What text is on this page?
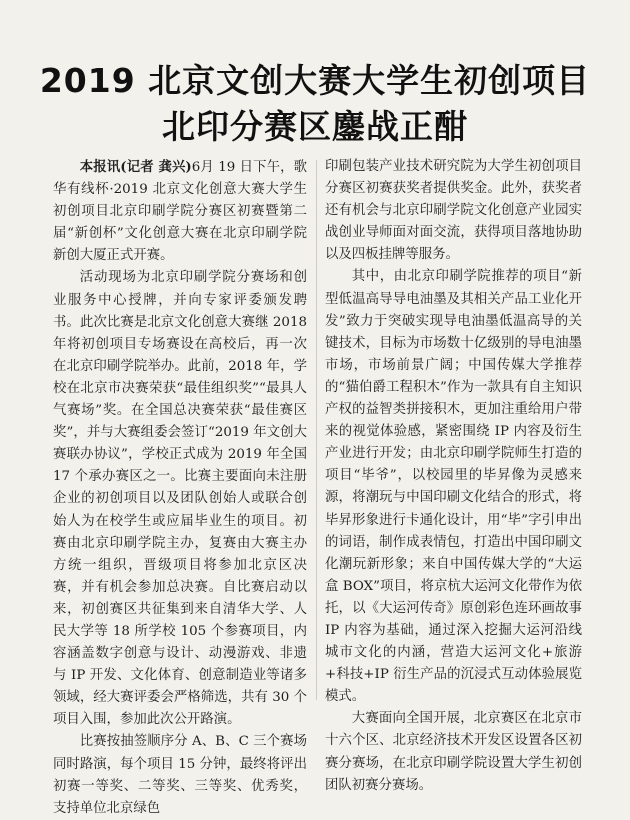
2019 北京文创大赛大学生初创项目
北印分赛区鏖战正酣

本报讯(记者 龚兴)6月 19 日下午，歌华有线杯·2019 北京文化创意大赛大学生初创项目北京印刷学院分赛区初赛暨第二届“新创杯”文化创意大赛在北京印刷学院新创大厦正式开赛。

活动现场为北京印刷学院分赛场和创业服务中心授牌，并向专家评委颁发聘书。此次比赛是北京文化创意大赛继 2018 年将初创项目专场赛设在高校后，再一次在北京印刷学院举办。此前，2018 年，学校在北京市决赛荣获“最佳组织奖”“最具人气赛场”奖。在全国总决赛荣获“最佳赛区奖”，并与大赛组委会签订“2019 年文创大赛联办协议”，学校正式成为 2019 年全国 17 个承办赛区之一。比赛主要面向未注册企业的初创项目以及团队创始人或联合创始人为在校学生或应届毕业生的项目。初赛由北京印刷学院主办，复赛由大赛主办方统一组织，晋级项目将参加北京区决赛，并有机会参加总决赛。自比赛启动以来，初创赛区共征集到来自清华大学、人民大学等 18 所学校 105 个参赛项目，内容涵盖数字创意与设计、动漫游戏、非遗与 IP 开发、文化体育、创意制造业等诸多领域，经大赛评委会严格筛选，共有 30 个项目入围，参加此次公开路演。

比赛按抽签顺序分 A、B、C 三个赛场同时路演，每个项目 15 分钟，最终将评出初赛一等奖、二等奖、三等奖、优秀奖，支持单位北京绿色

印刷包装产业技术研究院为大学生初创项目分赛区初赛获奖者提供奖金。此外，获奖者还有机会与北京印刷学院文化创意产业园实战创业导师面对面交流，获得项目落地协助以及四板挂牌等服务。

其中，由北京印刷学院推荐的项目“新型低温高导导电油墨及其相关产品工业化开发”致力于突破实现导电油墨低温高导的关键技术，目标为市场数十亿级别的导电油墨市场，市场前景广阔；中国传媒大学推荐的“猫伯爵工程积木”作为一款具有自主知识产权的益智类拼接积木，更加注重给用户带来的视觉体验感，紧密围绕 IP 内容及衍生产业进行开发；由北京印刷学院师生打造的项目“毕爷”，以校园里的毕昇像为灵感来源，将潮玩与中国印刷文化结合的形式，将毕昇形象进行卡通化设计，用“毕”字引申出的词语，制作成表情包，打造出中国印刷文化潮玩新形象；来自中国传媒大学的“大运盒 BOX”项目，将京杭大运河文化带作为依托，以《大运河传奇》原创彩色连环画故事 IP 内容为基础，通过深入挖掘大运河沿线城市文化的内涵，营造大运河文化+旅游+科技+IP 衍生产品的沉浸式互动体验展览模式。

大赛面向全国开展，北京赛区在北京市十六个区、北京经济技术开发区设置各区初赛分赛场，在北京印刷学院设置大学生初创团队初赛分赛场。
